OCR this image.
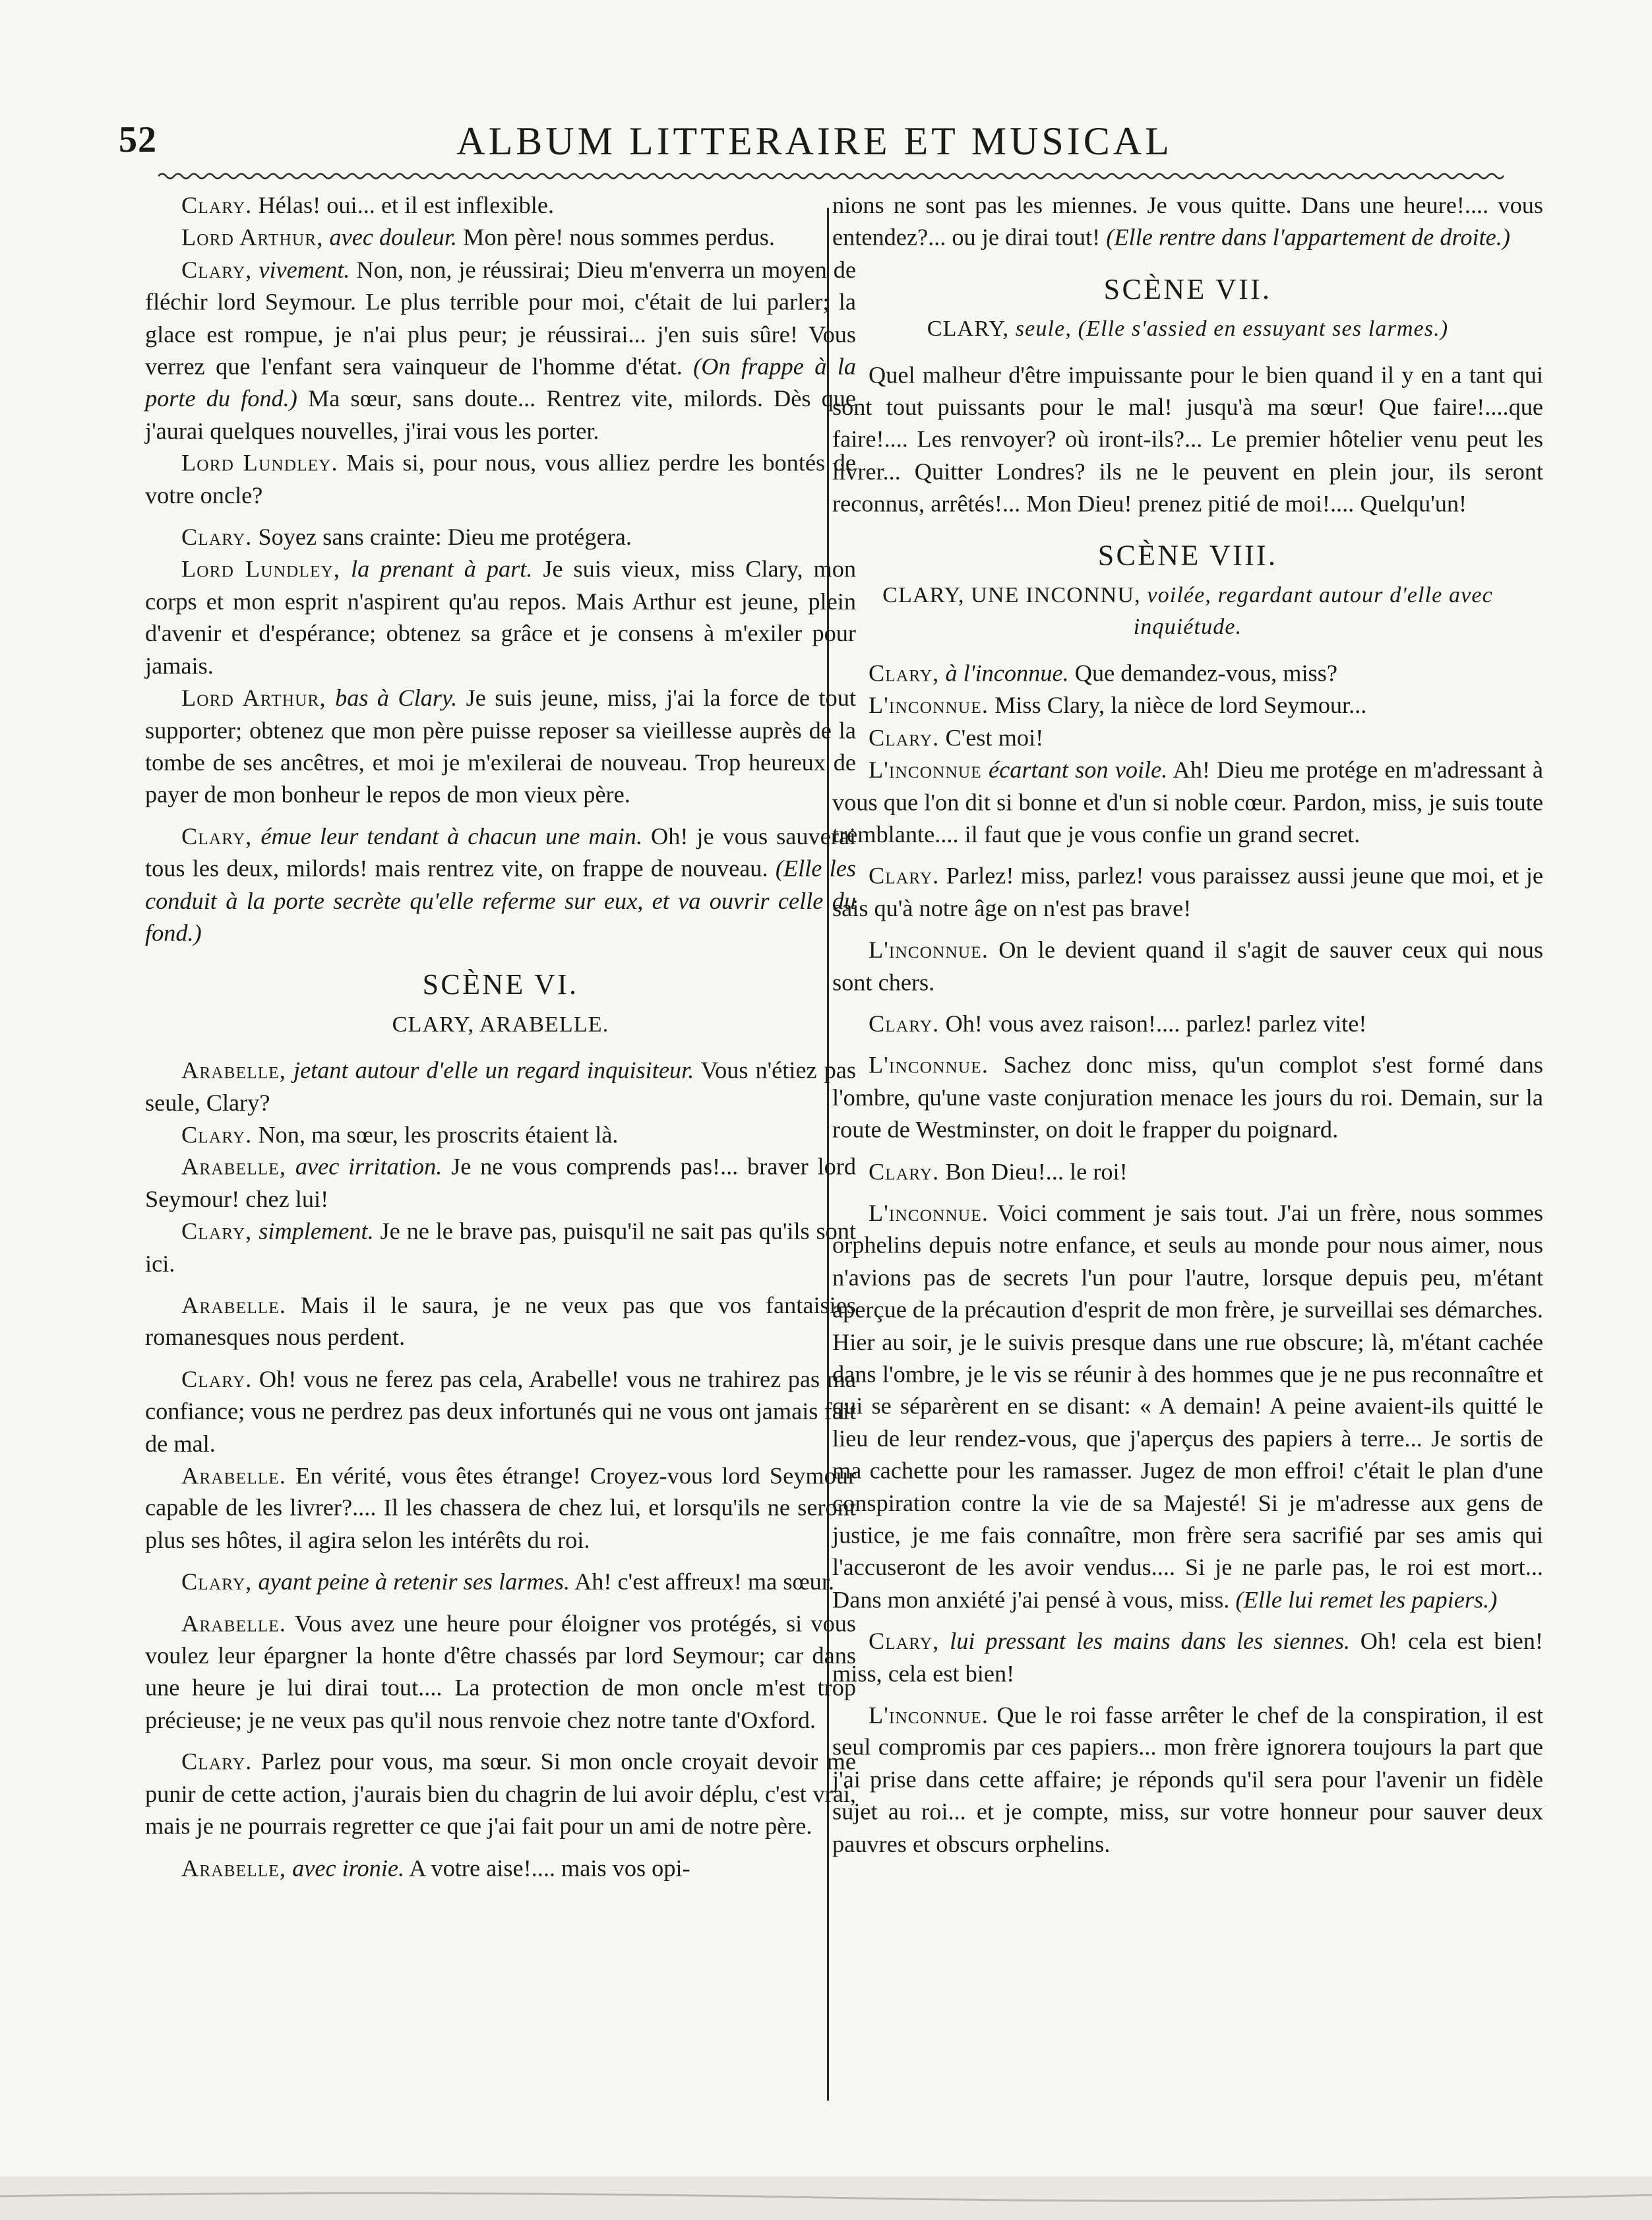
52	ALBUM LITTERAIRE ET MUSICAL

Clary. Hélas! oui... et il est inflexible.

Lord Arthur, avec douleur. Mon père! nous sommes perdus.

Clary, vivement. Non, non, je réussirai; Dieu m'enverra un moyen de fléchir lord Seymour. Le plus terrible pour moi, c'était de lui parler; la glace est rompue, je n'ai plus peur; je réussirai... j'en suis sûre! Vous verrez que l'enfant sera vainqueur de l'homme d'état. (On frappe à la porte du fond.) Ma sœur, sans doute... Rentrez vite, milords. Dès que j'aurai quelques nouvelles, j'irai vous les porter.

Lord Lundley. Mais si, pour nous, vous alliez perdre les bontés de votre oncle?

Clary. Soyez sans crainte: Dieu me protégera.

Lord Lundley, la prenant à part. Je suis vieux, miss Clary, mon corps et mon esprit n'aspirent qu'au repos. Mais Arthur est jeune, plein d'avenir et d'espérance; obtenez sa grâce et je consens à m'exiler pour jamais.

Lord Arthur, bas à Clary. Je suis jeune, miss, j'ai la force de tout supporter; obtenez que mon père puisse reposer sa vieillesse auprès de la tombe de ses ancêtres, et moi je m'exilerai de nouveau. Trop heureux de payer de mon bonheur le repos de mon vieux père.

Clary, émue leur tendant à chacun une main. Oh! je vous sauverai tous les deux, milords! mais rentrez vite, on frappe de nouveau. (Elle les conduit à la porte secrète qu'elle referme sur eux, et va ouvrir celle du fond.)

SCÈNE VI.
CLARY, ARABELLE.

Arabelle, jetant autour d'elle un regard inquisiteur. Vous n'étiez pas seule, Clary?

Clary. Non, ma sœur, les proscrits étaient là.

Arabelle, avec irritation. Je ne vous comprends pas!... braver lord Seymour! chez lui!

Clary, simplement. Je ne le brave pas, puisqu'il ne sait pas qu'ils sont ici.

Arabelle. Mais il le saura, je ne veux pas que vos fantaisies romanesques nous perdent.

Clary. Oh! vous ne ferez pas cela, Arabelle! vous ne trahirez pas ma confiance; vous ne perdrez pas deux infortunés qui ne vous ont jamais fait de mal.

Arabelle. En vérité, vous êtes étrange! Croyez-vous lord Seymour capable de les livrer?.... Il les chassera de chez lui, et lorsqu'ils ne seront plus ses hôtes, il agira selon les intérêts du roi.

Clary, ayant peine à retenir ses larmes. Ah! c'est affreux! ma sœur.

Arabelle. Vous avez une heure pour éloigner vos protégés, si vous voulez leur épargner la honte d'être chassés par lord Seymour; car dans une heure je lui dirai tout.... La protection de mon oncle m'est trop précieuse; je ne veux pas qu'il nous renvoie chez notre tante d'Oxford.

Clary. Parlez pour vous, ma sœur. Si mon oncle croyait devoir me punir de cette action, j'aurais bien du chagrin de lui avoir déplu, c'est vrai, mais je ne pourrais regretter ce que j'ai fait pour un ami de notre père.

Arabelle, avec ironie. A votre aise!.... mais vos opi-

nions ne sont pas les miennes. Je vous quitte. Dans une heure!.... vous entendez?... ou je dirai tout! (Elle rentre dans l'appartement de droite.)

SCÈNE VII.
CLARY, seule, (Elle s'assied en essuyant ses larmes.)

Quel malheur d'être impuissante pour le bien quand il y en a tant qui sont tout puissants pour le mal! jusqu'à ma sœur! Que faire!....que faire!.... Les renvoyer? où iront-ils?... Le premier hôtelier venu peut les livrer... Quitter Londres? ils ne le peuvent en plein jour, ils seront reconnus, arrêtés!... Mon Dieu! prenez pitié de moi!.... Quelqu'un!

SCÈNE VIII.
CLARY, UNE INCONNU, voilée, regardant autour d'elle avec inquiétude.

Clary, à l'inconnue. Que demandez-vous, miss?

L'inconnue. Miss Clary, la nièce de lord Seymour...

Clary. C'est moi!

L'inconnue écartant son voile. Ah! Dieu me protége en m'adressant à vous que l'on dit si bonne et d'un si noble cœur. Pardon, miss, je suis toute tremblante.... il faut que je vous confie un grand secret.

Clary. Parlez! miss, parlez! vous paraissez aussi jeune que moi, et je sais qu'à notre âge on n'est pas brave!

L'inconnue. On le devient quand il s'agit de sauver ceux qui nous sont chers.

Clary. Oh! vous avez raison!.... parlez! parlez vite!

L'inconnue. Sachez donc miss, qu'un complot s'est formé dans l'ombre, qu'une vaste conjuration menace les jours du roi. Demain, sur la route de Westminster, on doit le frapper du poignard.

Clary. Bon Dieu!... le roi!

L'inconnue. Voici comment je sais tout. J'ai un frère, nous sommes orphelins depuis notre enfance, et seuls au monde pour nous aimer, nous n'avions pas de secrets l'un pour l'autre, lorsque depuis peu, m'étant aperçue de la précaution d'esprit de mon frère, je surveillai ses démarches. Hier au soir, je le suivis presque dans une rue obscure; là, m'étant cachée dans l'ombre, je le vis se réunir à des hommes que je ne pus reconnaître et qui se séparèrent en se disant: « A demain! A peine avaient-ils quitté le lieu de leur rendez-vous, que j'aperçus des papiers à terre... Je sortis de ma cachette pour les ramasser. Jugez de mon effroi! c'était le plan d'une conspiration contre la vie de sa Majesté! Si je m'adresse aux gens de justice, je me fais connaître, mon frère sera sacrifié par ses amis qui l'accuseront de les avoir vendus.... Si je ne parle pas, le roi est mort... Dans mon anxiété j'ai pensé à vous, miss. (Elle lui remet les papiers.)

Clary, lui pressant les mains dans les siennes. Oh! cela est bien! miss, cela est bien!

L'inconnue. Que le roi fasse arrêter le chef de la conspiration, il est seul compromis par ces papiers... mon frère ignorera toujours la part que j'ai prise dans cette affaire; je réponds qu'il sera pour l'avenir un fidèle sujet au roi... et je compte, miss, sur votre honneur pour sauver deux pauvres et obscurs orphelins.
